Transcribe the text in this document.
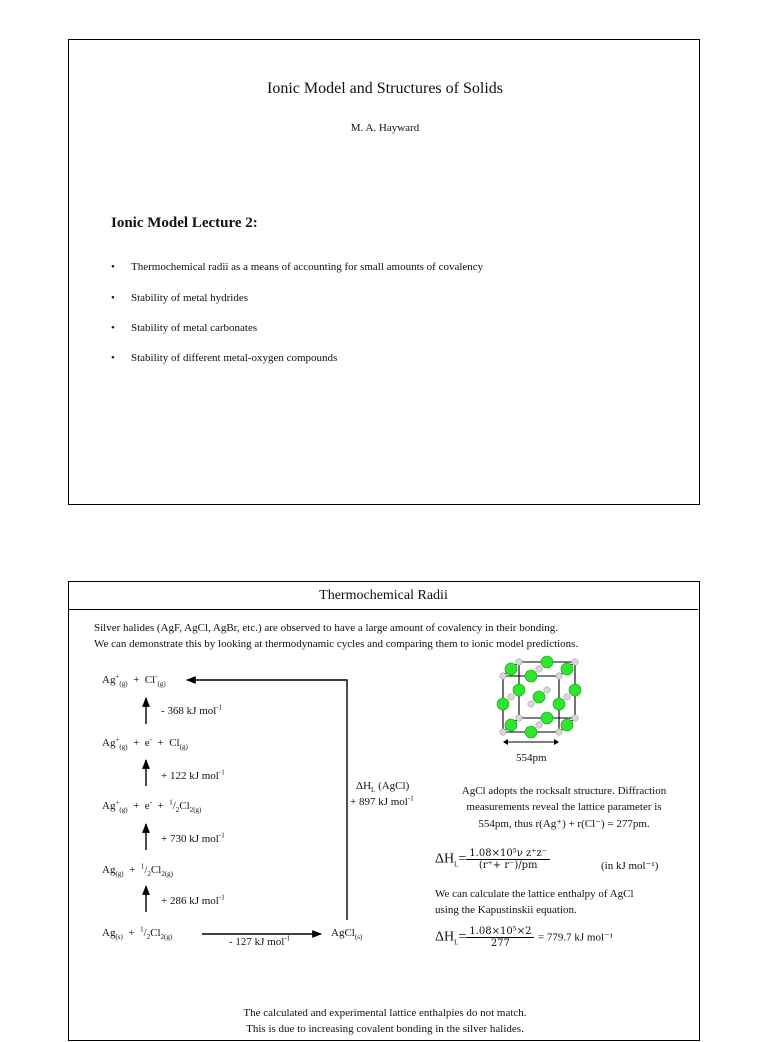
Ionic Model and Structures of Solids
M. A. Hayward
Ionic Model Lecture 2:
• Thermochemical radii as a means of accounting for small amounts of covalency
• Stability of metal hydrides
• Stability of metal carbonates
• Stability of different metal-oxygen compounds
Thermochemical Radii
Silver halides (AgF, AgCl, AgBr, etc.) are observed to have a large amount of covalency in their bonding.
We can demonstrate this by looking at thermodynamic cycles and comparing them to ionic model predictions.
$Ag^+_{(g)} + Cl^-_{(g)}$
$Ag^+_{(g)} + e^- + Cl_{(g)}$
$Ag^+_{(g)} + e^- + ^1/_2Cl_{2(g)}$
$Ag_{(g)} + ^1/_2Cl_{2(g)}$
$Ag_{(s)} + ^1/_2Cl_{2(g)}$	AgCl$_{(s)}$
- 368 kJ mol$^{-1}$
+ 122 kJ mol$^{-1}$
+ 730 kJ mol$^{-1}$
+ 286 kJ mol$^{-1}$
- 127 kJ mol$^{-1}$
$\Delta H_L$ (AgCl)
+ 897 kJ mol$^{-1}$
554pm
AgCl adopts the rocksalt structure. Diffraction
measurements reveal the lattice parameter is
554pm, thus r(Ag⁺) + r(Cl⁻) = 277pm.
$\Delta H_L= \frac{\text{1.08×10⁵ν z⁺z⁻}}{(r^++ r^-)/pm}$	(in kJ mol⁻¹)
We can calculate the lattice enthalpy of AgCl
using the Kapustinskii equation.
$\Delta H_L= \frac{\text{1.08×10⁵×2}}{277} = 779.7$ kJ mol⁻¹
The calculated and experimental lattice enthalpies do not match.
This is due to increasing covalent bonding in the silver halides.
